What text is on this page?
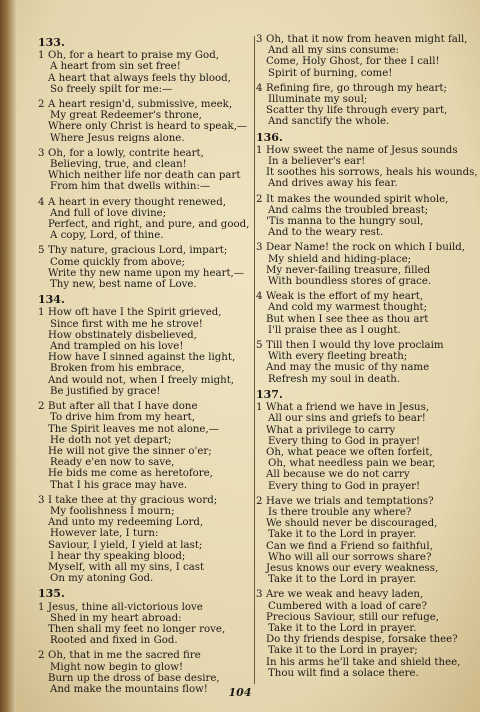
133.
1 Oh, for a heart to praise my God,
A heart from sin set free!
A heart that always feels thy blood,
So freely spilt for me:—
2 A heart resign'd, submissive, meek,
My great Redeemer's throne,
Where only Christ is heard to speak,—
Where Jesus reigns alone.
3 Oh, for a lowly, contrite heart,
Believing, true, and clean!
Which neither life nor death can part
From him that dwells within:—
4 A heart in every thought renewed,
And full of love divine;
Perfect, and right, and pure, and good,
A copy, Lord, of thine.
5 Thy nature, gracious Lord, impart;
Come quickly from above;
Write thy new name upon my heart,—
Thy new, best name of Love.
134.
1 How oft have I the Spirit grieved,
Since first with me he strove!
How obstinately disbelieved,
And trampled on his love!
How have I sinned against the light,
Broken from his embrace,
And would not, when I freely might,
Be justified by grace!
2 But after all that I have done
To drive him from my heart,
The Spirit leaves me not alone,—
He doth not yet depart;
He will not give the sinner o'er;
Ready e'en now to save,
He bids me come as heretofore,
That I his grace may have.
3 I take thee at thy gracious word;
My foolishness I mourn;
And unto my redeeming Lord,
However late, I turn:
Saviour, I yield, I yield at last;
I hear thy speaking blood;
Myself, with all my sins, I cast
On my atoning God.
135.
1 Jesus, thine all-victorious love
Shed in my heart abroad:
Then shall my feet no longer rove,
Rooted and fixed in God.
2 Oh, that in me the sacred fire
Might now begin to glow!
Burn up the dross of base desire,
And make the mountains flow!
3 Oh, that it now from heaven might fall,
And all my sins consume:
Come, Holy Ghost, for thee I call!
Spirit of burning, come!
4 Refining fire, go through my heart;
Illuminate my soul;
Scatter thy life through every part,
And sanctify the whole.
136.
1 How sweet the name of Jesus sounds
In a believer's ear!
It soothes his sorrows, heals his wounds,
And drives away his fear.
2 It makes the wounded spirit whole,
And calms the troubled breast;
'Tis manna to the hungry soul,
And to the weary rest.
3 Dear Name! the rock on which I build,
My shield and hiding-place;
My never-failing treasure, filled
With boundless stores of grace.
4 Weak is the effort of my heart,
And cold my warmest thought;
But when I see thee as thou art
I'll praise thee as I ought.
5 Till then I would thy love proclaim
With every fleeting breath;
And may the music of thy name
Refresh my soul in death.
137.
1 What a friend we have in Jesus,
All our sins and griefs to bear!
What a privilege to carry
Every thing to God in prayer!
Oh, what peace we often forfeit,
Oh, what needless pain we bear,
All because we do not carry
Every thing to God in prayer!
2 Have we trials and temptations?
Is there trouble any where?
We should never be discouraged,
Take it to the Lord in prayer.
Can we find a Friend so faithful,
Who will all our sorrows share?
Jesus knows our every weakness,
Take it to the Lord in prayer.
3 Are we weak and heavy laden,
Cumbered with a load of care?
Precious Saviour, still our refuge,
Take it to the Lord in prayer.
Do thy friends despise, forsake thee?
Take it to the Lord in prayer;
In his arms he'll take and shield thee,
Thou wilt find a solace there.
104
